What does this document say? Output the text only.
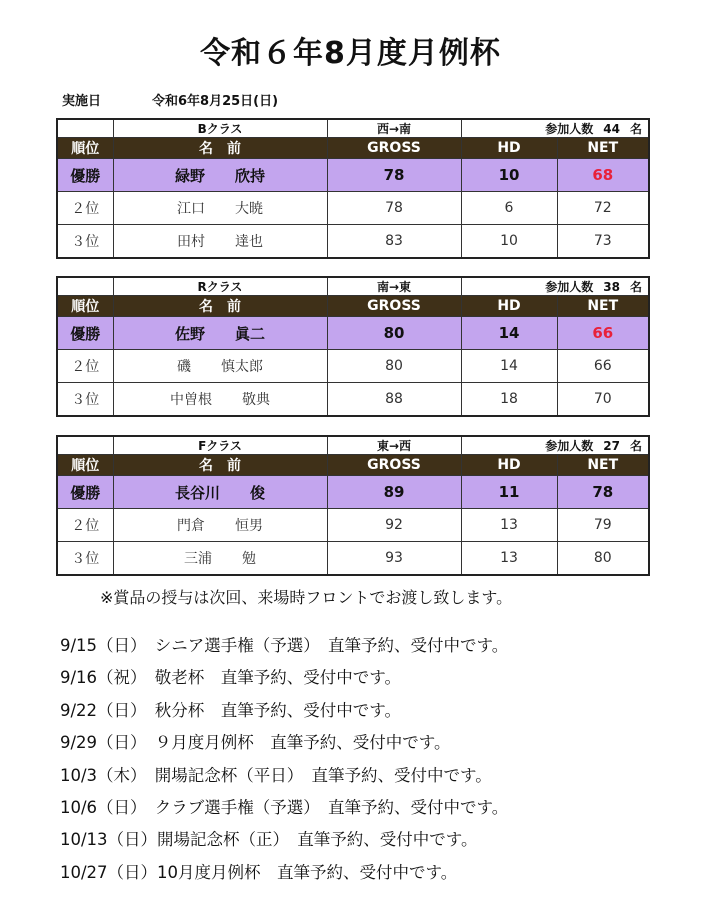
令和６年8月度月例杯
実施日	令和6年8月25日(日)
	Bクラス	西→南	参加人数 44 名	
順位	名　前	GROSS	HD	NET
優勝	緑野 欣持	78	10	68
２位	江口 大暁	78	6	72
３位	田村 達也	83	10	73
	Rクラス	南→東	参加人数 38 名	
順位	名　前	GROSS	HD	NET
優勝	佐野 眞二	80	14	66
２位	磯 慎太郎	80	14	66
３位	中曽根 敬典	88	18	70
	Fクラス	東→西	参加人数 27 名	
順位	名　前	GROSS	HD	NET
優勝	長谷川 俊	89	11	78
２位	門倉 恒男	92	13	79
３位	三浦 勉	93	13	80
※賞品の授与は次回、来場時フロントでお渡し致します。
9/15（日）　シニア選手権（予選）　直筆予約、受付中です。
9/16（祝）　敬老杯　直筆予約、受付中です。
9/22（日）　秋分杯　直筆予約、受付中です。
9/29（日）　９月度月例杯　直筆予約、受付中です。
10/3（木）　開場記念杯（平日）　直筆予約、受付中です。
10/6（日）　クラブ選手権（予選）　直筆予約、受付中です。
10/13（日）開場記念杯（正）　直筆予約、受付中です。
10/27（日）10月度月例杯　直筆予約、受付中です。
